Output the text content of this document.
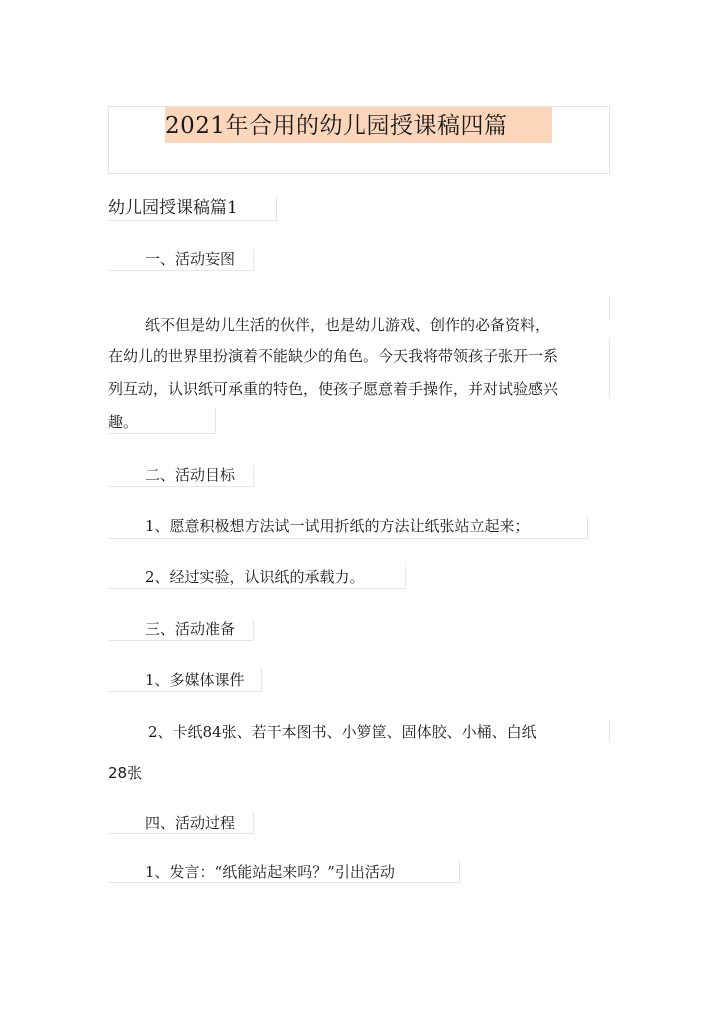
2021年合用的幼儿园授课稿四篇
幼儿园授课稿篇1
一、活动妄图
纸不但是幼儿生活的伙伴，也是幼儿游戏、创作的必备资料，
在幼儿的世界里扮演着不能缺少的角色。今天我将带领孩子张开一系
列互动，认识纸可承重的特色，使孩子愿意着手操作，并对试验感兴
趣。
二、活动目标
1、愿意积极想方法试一试用折纸的方法让纸张站立起来；
2、经过实验，认识纸的承载力。
三、活动准备
1、多媒体课件
2、卡纸84张、若干本图书、小箩筐、固体胶、小桶、白纸
28张
四、活动过程
1、发言：“纸能站起来吗？”引出活动
